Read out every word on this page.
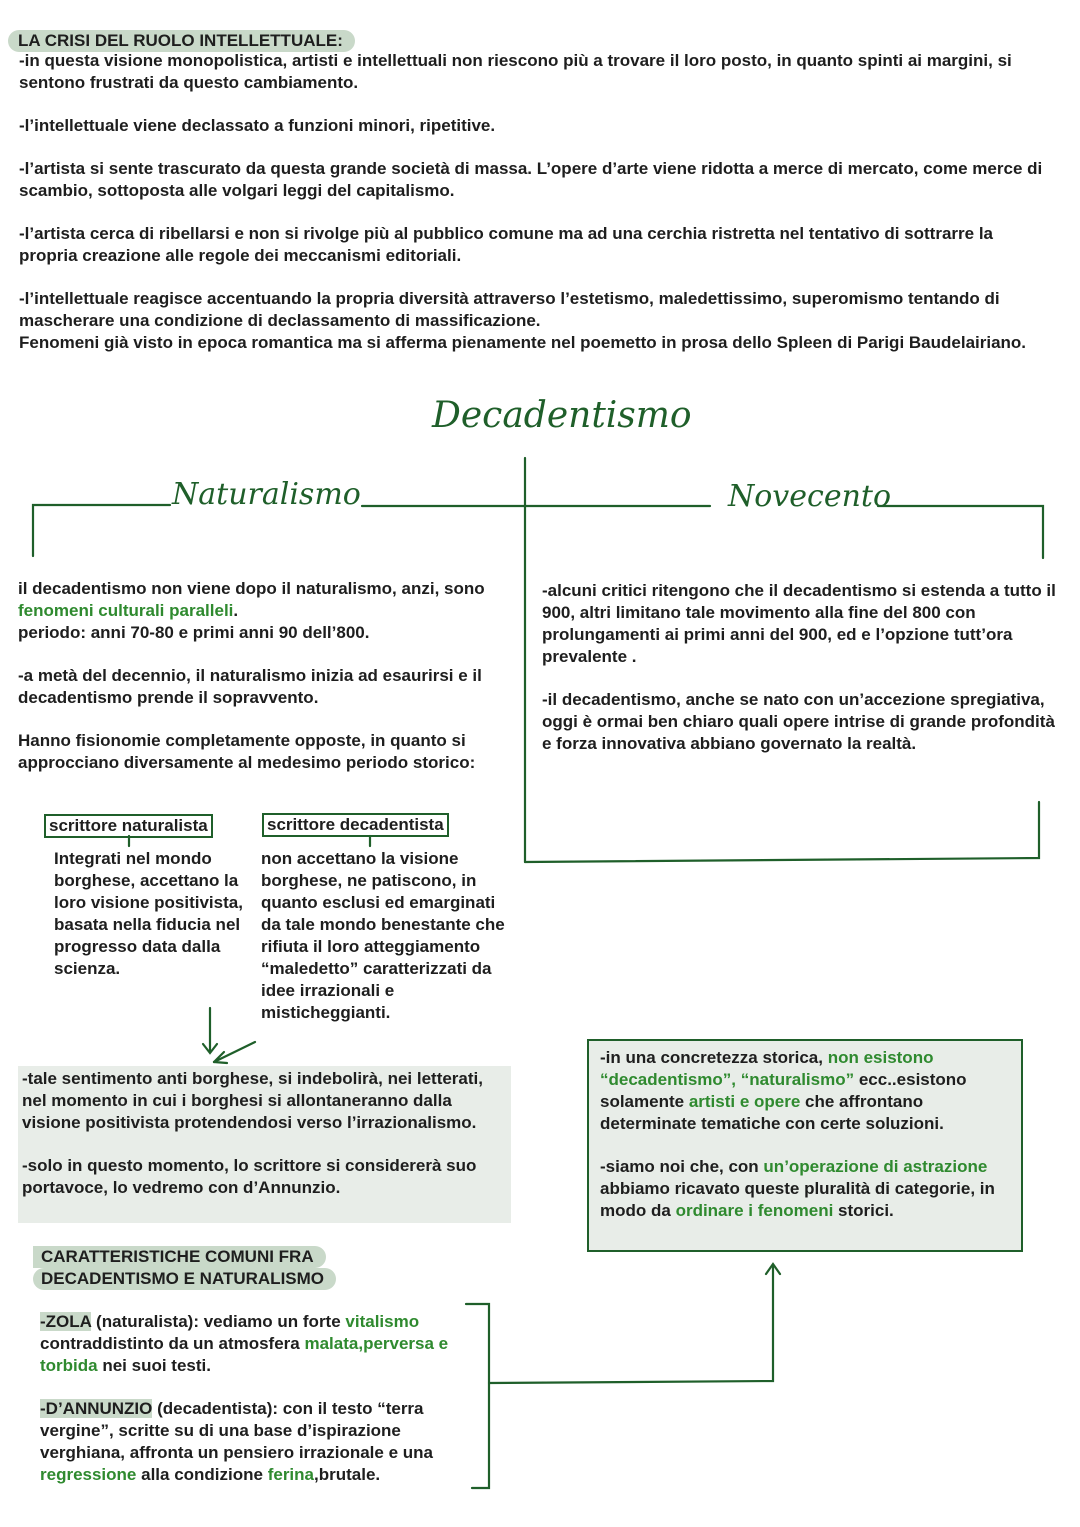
LA CRISI DEL RUOLO INTELLETTUALE:

-in questa visione monopolistica, artisti e intellettuali non riescono più a trovare il loro posto, in quanto spinti ai margini, si sentono frustrati da questo cambiamento.

-l’intellettuale viene declassato a funzioni minori, ripetitive.

-l’artista si sente trascurato da questa grande società di massa. L’opere d’arte viene ridotta a merce di mercato, come merce di scambio, sottoposta alle volgari leggi del capitalismo.

-l’artista cerca di ribellarsi e non si rivolge più al pubblico comune ma ad una cerchia ristretta nel tentativo di sottrarre la propria creazione alle regole dei meccanismi editoriali.

-l’intellettuale reagisce accentuando la propria diversità attraverso l’estetismo, maledettissimo, superomismo tentando di mascherare una condizione di declassamento di massificazione.

Fenomeni già visto in epoca romantica ma si afferma pienamente nel poemetto in prosa dello Spleen di Parigi Baudelairiano.

Decadentismo
Naturalismo	Novecento

il decadentismo non viene dopo il naturalismo, anzi, sono fenomeni culturali paralleli.
periodo: anni 70-80 e primi anni 90 dell’800.

-a metà del decennio, il naturalismo inizia ad esaurirsi e il decadentismo prende il sopravvento.

Hanno fisionomie completamente opposte, in quanto si approcciano diversamente al medesimo periodo storico:

scrittore naturalista	scrittore decadentista
Integrati nel mondo borghese, accettano la loro visione positivista, basata nella fiducia nel progresso data dalla scienza.
non accettano la visione borghese, ne patiscono, in quanto esclusi ed emarginati da tale mondo benestante che rifiuta il loro atteggiamento “maledetto” caratterizzati da idee irrazionali e misticheggianti.

-tale sentimento anti borghese, si indebolirà, nei letterati, nel momento in cui i borghesi si allontaneranno dalla visione positivista protendendosi verso l’irrazionalismo.

-solo in questo momento, lo scrittore si considererà suo portavoce, lo vedremo con d’Annunzio.

-alcuni critici ritengono che il decadentismo si estenda a tutto il 900, altri limitano tale movimento alla fine del 800 con prolungamenti ai primi anni del 900, ed e l’opzione tutt’ora prevalente .

-il decadentismo, anche se nato con un’accezione spregiativa, oggi è ormai ben chiaro quali opere intrise di grande profondità e forza innovativa abbiano governato la realtà.

CARATTERISTICHE COMUNI FRA
DECADENTISMO E NATURALISMO

-ZOLA (naturalista): vediamo un forte vitalismo contraddistinto da un atmosfera malata,perversa e torbida nei suoi testi.

-D’ANNUNZIO (decadentista): con il testo “terra vergine”, scritte su di una base d’ispirazione verghiana, affronta un pensiero irrazionale e una regressione alla condizione ferina,brutale.

-in una concretezza storica, non esistono “decadentismo”, “naturalismo” ecc..esistono solamente artisti e opere che affrontano determinate tematiche con certe soluzioni.

-siamo noi che, con un’operazione di astrazione abbiamo ricavato queste pluralità di categorie, in modo da ordinare i fenomeni storici.
